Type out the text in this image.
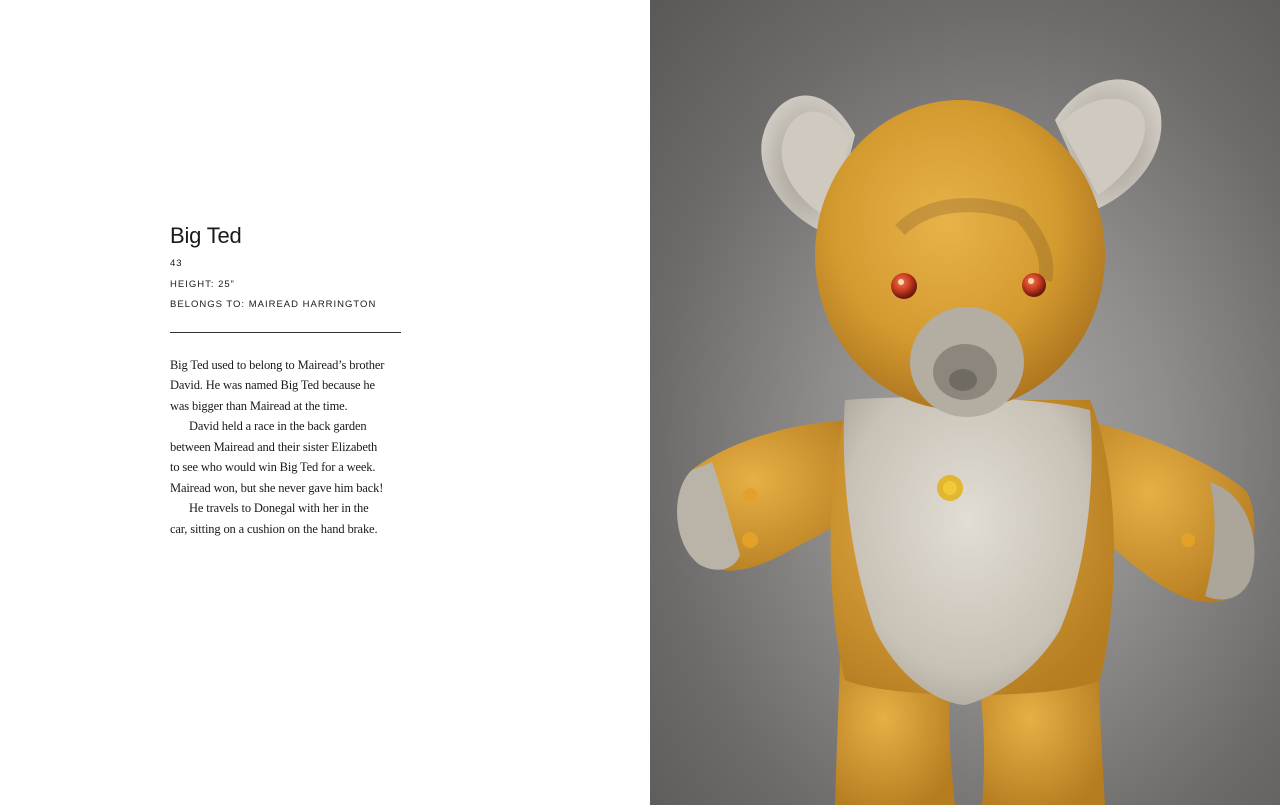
Big Ted
43
HEIGHT: 25”
BELONGS TO: MAIREAD HARRINGTON

Big Ted used to belong to Mairead’s brother

David. He was named Big Ted because he

was bigger than Mairead at the time.

David held a race in the back garden

between Mairead and their sister Elizabeth

to see who would win Big Ted for a week.

Mairead won, but she never gave him back!

He travels to Donegal with her in the

car, sitting on a cushion on the hand brake.
